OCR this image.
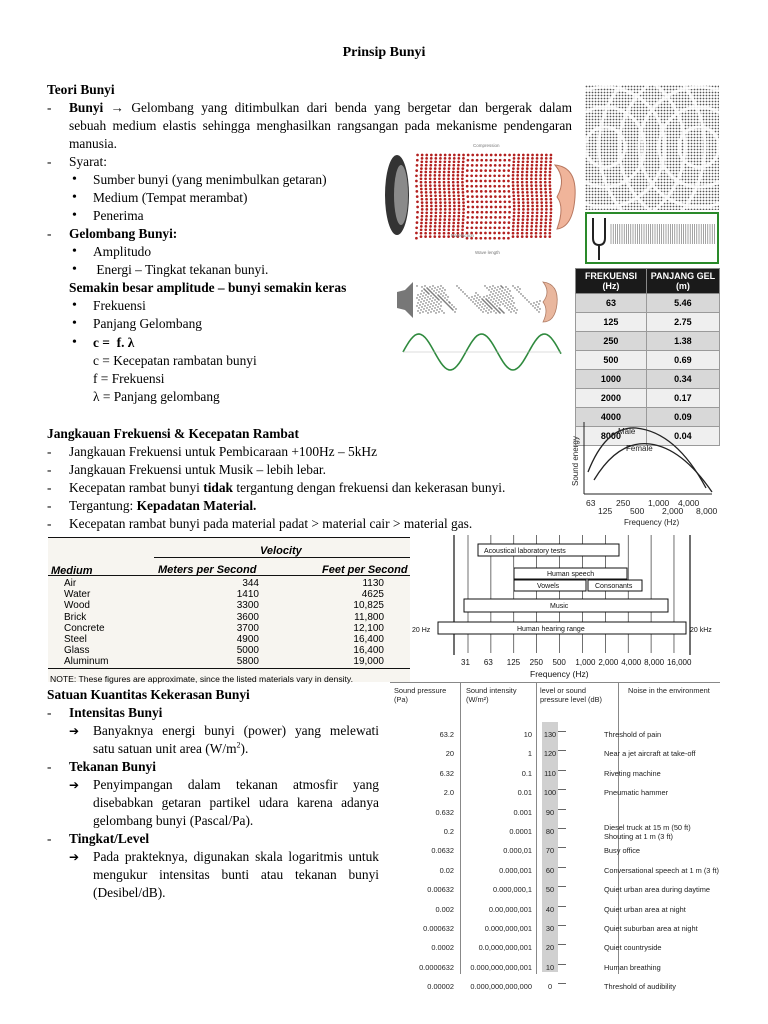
Prinsip Bunyi
Teori Bunyi
- Bunyi → Gelombang yang ditimbulkan dari benda yang bergetar dan bergerak dalam
sebuah medium elastis sehingga menghasilkan rangsangan pada mekanisme pendengaran
manusia.
- Syarat:
• Sumber bunyi (yang menimbulkan getaran)
• Medium (Tempat merambat)
• Penerima
- Gelombang Bunyi:
• Amplitudo
• Energi – Tingkat tekanan bunyi.
Semakin besar amplitude – bunyi semakin keras
• Frekuensi
• Panjang Gelombang
• c =  f. λ
c = Kecepatan rambatan bunyi
f = Frekuensi
λ = Panjang gelombang
Jangkauan Frekuensi & Kecepatan Rambat
- Jangkauan Frekuensi untuk Pembicaraan +100Hz – 5kHz
- Jangkauan Frekuensi untuk Musik – lebih lebar.
- Kecepatan rambat bunyi tidak tergantung dengan frekuensi dan kekerasan bunyi.
- Tergantung: Kepadatan Material.
- Kecepatan rambat bunyi pada material padat > material cair > material gas.
Satuan Kuantitas Kekerasan Bunyi
- Intensitas Bunyi
➔ Banyaknya energi bunyi (power) yang melewati
satu satuan unit area $(W/m^2)$.
- Tekanan Bunyi
➔ Penyimpangan dalam tekanan atmosfir yang
disebabkan getaran partikel udara karena adanya
gelombang bunyi (Pascal/Pa).
- Tingkat/Level
➔ Pada prakteknya, digunakan skala logaritmis untuk
mengukur intensitas bunti atau tekanan bunyi
(Desibel/dB).
Compression
Rarefaction
Wave length
FREKUENSI (Hz)	PANJANG GEL (m)
63	5.46
125	2.75
250	1.38
500	0.69
1000	0.34
2000	0.17
4000	0.09
8000	0.04
Sound energy
Male
Female
63 250 1,000 4,000
125 500 2,000 8,000
Frequency (Hz)
Velocity
Medium	Meters per Second	Feet per Second
Air	344	1130
Water	1410	4625
Wood	3300	10,825
Brick	3600	11,800
Concrete	3700	12,100
Steel	4900	16,400
Glass	5000	16,400
Aluminum	5800	19,000
NOTE: These figures are approximate, since the listed materials vary in density.
Acoustical laboratory tests
Human speech
Vowels	Consonants
Music
Human hearing range
20 Hz	20 kHz
31 63 125 250 500 1,000 2,000 4,000 8,000 16,000
Frequency (Hz)
Sound pressure (Pa)
Sound intensity (W/m²)
level or sound pressure level (dB)
Noise in the environment
63.2	10	130	Threshold of pain
20	1	120	Near a jet aircraft at take-off
6.32	0.1	110	Riveting machine
2.0	0.01	100	Pneumatic hammer
0.632	0.001	90
0.2	0.0001	80	Diesel truck at 15 m (50 ft)
Shouting at 1 m (3 ft)
0.0632	0.000,01	70	Busy office
0.02	0.000,001	60	Conversational speech at 1 m (3 ft)
0.00632	0.000,000,1	50	Quiet urban area during daytime
0.002	0.00,000,001	40	Quiet urban area at night
0.000632	0.000,000,001	30	Quiet suburban area at night
0.0002	0.0,000,000,001	20	Quiet countryside
0.0000632	0.000,000,000,001	10	Human breathing
0.00002	0.000,000,000,000	0	Threshold of audibility
